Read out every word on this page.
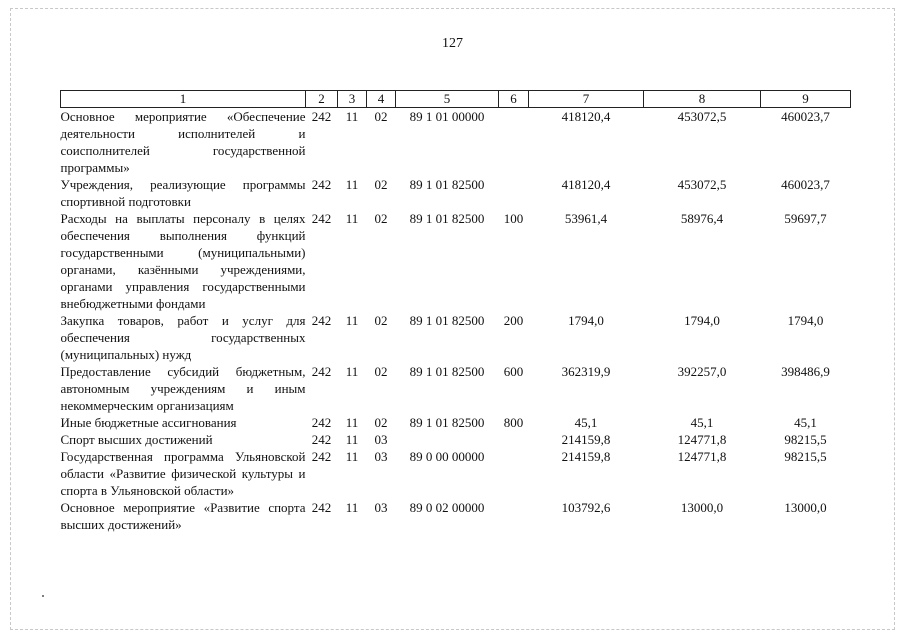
127
1	2	3	4	5	6	7	8	9
Основное мероприятие «Обеспечение деятельности исполнителей и соисполнителей государственной программы»	242	11	02	89 1 01 00000		418120,4	453072,5	460023,7
Учреждения, реализующие программы спортивной подготовки	242	11	02	89 1 01 82500		418120,4	453072,5	460023,7
Расходы на выплаты персоналу в целях обеспечения выполнения функций государственными (муниципальными) органами, казёнными учреждениями, органами управления государственными внебюджетными фондами	242	11	02	89 1 01 82500	100	53961,4	58976,4	59697,7
Закупка товаров, работ и услуг для обеспечения государственных (муниципальных) нужд	242	11	02	89 1 01 82500	200	1794,0	1794,0	1794,0
Предоставление субсидий бюджетным, автономным учреждениям и иным некоммерческим организациям	242	11	02	89 1 01 82500	600	362319,9	392257,0	398486,9
Иные бюджетные ассигнования	242	11	02	89 1 01 82500	800	45,1	45,1	45,1
Спорт высших достижений	242	11	03			214159,8	124771,8	98215,5
Государственная программа Ульяновской области «Развитие физической культуры и спорта в Ульяновской области»	242	11	03	89 0 00 00000		214159,8	124771,8	98215,5
Основное мероприятие «Развитие спорта высших достижений»	242	11	03	89 0 02 00000		103792,6	13000,0	13000,0
